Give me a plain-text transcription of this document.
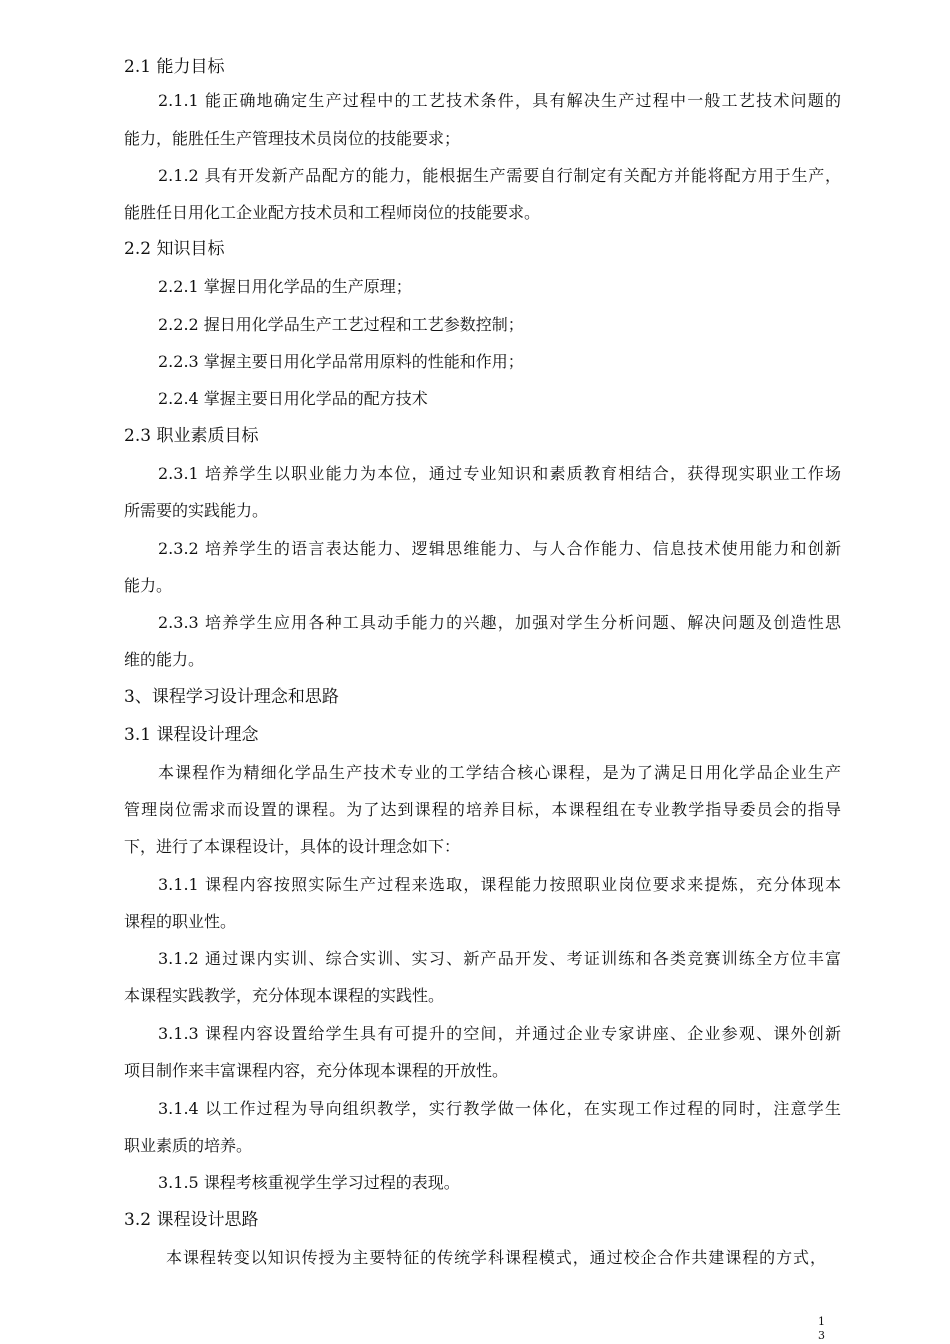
2.1 能力目标
2.1.1 能正确地确定生产过程中的工艺技术条件，具有解决生产过程中一般工艺技术问题的
能力，能胜任生产管理技术员岗位的技能要求；
2.1.2 具有开发新产品配方的能力，能根据生产需要自行制定有关配方并能将配方用于生产，
能胜任日用化工企业配方技术员和工程师岗位的技能要求。
2.2 知识目标
2.2.1 掌握日用化学品的生产原理；
2.2.2 握日用化学品生产工艺过程和工艺参数控制；
2.2.3 掌握主要日用化学品常用原料的性能和作用；
2.2.4 掌握主要日用化学品的配方技术
2.3 职业素质目标
2.3.1 培养学生以职业能力为本位，通过专业知识和素质教育相结合，获得现实职业工作场
所需要的实践能力。
2.3.2 培养学生的语言表达能力、逻辑思维能力、与人合作能力、信息技术使用能力和创新
能力。
2.3.3 培养学生应用各种工具动手能力的兴趣，加强对学生分析问题、解决问题及创造性思
维的能力。
3、课程学习设计理念和思路
3.1 课程设计理念
本课程作为精细化学品生产技术专业的工学结合核心课程，是为了满足日用化学品企业生产
管理岗位需求而设置的课程。为了达到课程的培养目标，本课程组在专业教学指导委员会的指导
下，进行了本课程设计，具体的设计理念如下：
3.1.1 课程内容按照实际生产过程来选取，课程能力按照职业岗位要求来提炼，充分体现本
课程的职业性。
3.1.2 通过课内实训、综合实训、实习、新产品开发、考证训练和各类竞赛训练全方位丰富
本课程实践教学，充分体现本课程的实践性。
3.1.3 课程内容设置给学生具有可提升的空间，并通过企业专家讲座、企业参观、课外创新
项目制作来丰富课程内容，充分体现本课程的开放性。
3.1.4 以工作过程为导向组织教学，实行教学做一体化，在实现工作过程的同时，注意学生
职业素质的培养。
3.1.5 课程考核重视学生学习过程的表现。
3.2 课程设计思路
本课程转变以知识传授为主要特征的传统学科课程模式，通过校企合作共建课程的方式，
1
3
